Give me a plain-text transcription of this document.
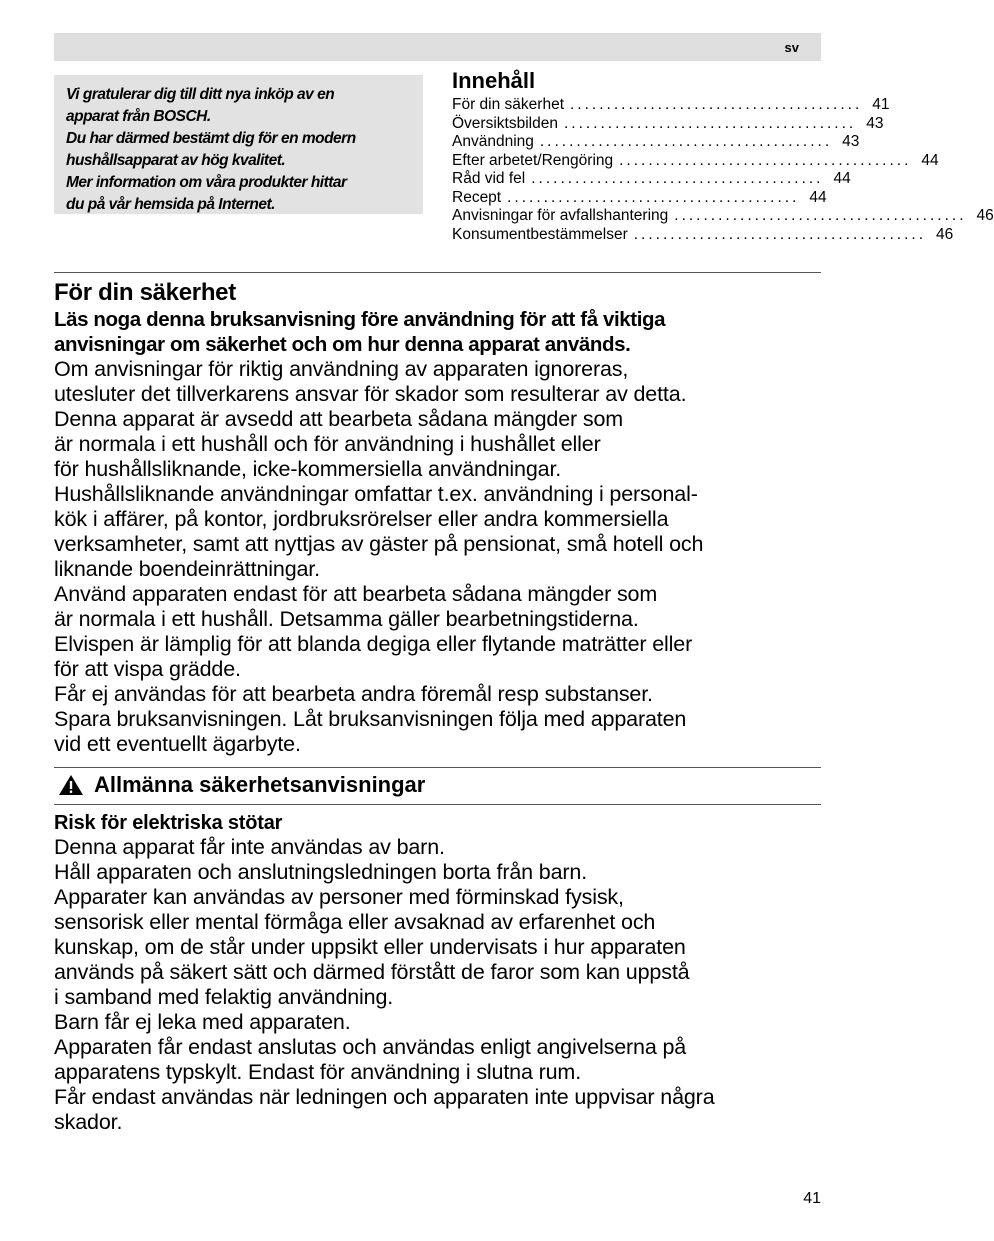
sv

Vi gratulerar dig till ditt nya inköp av en

apparat från BOSCH.

Du har därmed bestämt dig för en modern

hushållsapparat av hög kvalitet.

Mer information om våra produkter hittar

du på vår hemsida på Internet.

Innehåll
För din säkerhet ........................................ 41
Översiktsbilden ........................................ 43
Användning ........................................ 43
Efter arbetet/Rengöring ........................................ 44
Råd vid fel ........................................ 44
Recept ........................................ 44
Anvisningar för avfallshantering ........................................ 46
Konsumentbestämmelser ........................................ 46
För din säkerhet

Läs noga denna bruksanvisning före användning för att få viktiga

anvisningar om säkerhet och om hur denna apparat används.

Om anvisningar för riktig användning av apparaten ignoreras,

utesluter det tillverkarens ansvar för skador som resulterar av detta.

Denna apparat är avsedd att bearbeta sådana mängder som

är normala i ett hushåll och för användning i hushållet eller

för hushållsliknande, icke-kommersiella användningar.

Hushållsliknande användningar omfattar t.ex. användning i personal-

kök i affärer, på kontor, jordbruksrörelser eller andra kommersiella

verksamheter, samt att nyttjas av gäster på pensionat, små hotell och

liknande boendeinrättningar.

Använd apparaten endast för att bearbeta sådana mängder som

är normala i ett hushåll. Detsamma gäller bearbetningstiderna.

Elvispen är lämplig för att blanda degiga eller flytande maträtter eller

för att vispa grädde.

Får ej användas för att bearbeta andra föremål resp substanser.

Spara bruksanvisningen. Låt bruksanvisningen följa med apparaten

vid ett eventuellt ägarbyte.

Allmänna säkerhetsanvisningar
Risk för elektriska stötar

Denna apparat får inte användas av barn.

Håll apparaten och anslutningsledningen borta från barn.

Apparater kan användas av personer med förminskad fysisk,

sensorisk eller mental förmåga eller avsaknad av erfarenhet och

kunskap, om de står under uppsikt eller undervisats i hur apparaten

används på säkert sätt och därmed förstått de faror som kan uppstå

i samband med felaktig användning.

Barn får ej leka med apparaten.

Apparaten får endast anslutas och användas enligt angivelserna på

apparatens typskylt. Endast för användning i slutna rum.

Får endast användas när ledningen och apparaten inte uppvisar några

skador.

41
